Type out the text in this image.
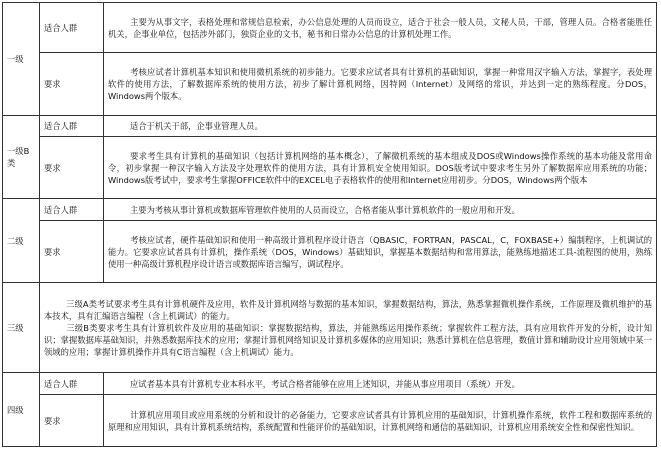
一级	适合人群	主要为从事文字，表格处理和常规信息检索，办公信息处理的人员而设立，适合于社会一般人员，文秘人员，干部，管理人员。合格者能胜任机关，企事业单位，包括涉外部门，独资企业的文书，秘书和日常办公信息的计算机处理工作。
	要求	考核应试者计算机基本知识和使用微机系统的初步能力。它要求应试者具有计算机的基础知识，掌握一种常用汉字输入方法，掌握字，表处理软件的使用方法，了解数据库系统的使用方法，初步了解计算机网络，因特网（Internet）及网络的常识，并达到一定的熟练程度。分DOS，Windows两个版本。
一级B类	适合人群	适合于机关干部，企事业管理人员。
	要求	要求考生具有计算机的基础知识（包括计算机网络的基本概念），了解微机系统的基本组成及DOS或Windows操作系统的基本功能及常用命令，初步掌握一种汉字输入方法及字处理软件的使用方法，具有计算机安全使用知识。DOS版考试中要求考生另外了解数据库应用系统的功能；Windows版考试中，要求考生掌握OFFICE软件中的EXCEL电子表格软件的使用和Internet应用初步。分DOS，Windows两个版本
二级	适合人群	主要为考核从事计算机或数据库管理软件使用的人员而设立，合格者能从事计算机软件的一般应用和开发。
	要求	考核应试者，硬件基础知识和使用一种高级计算机程序设计语言（QBASIC，FORTRAN，PASCAL，C，FOXBASE+）编制程序，上机调试的能力。它要求应试者具有计算机，操作系统（DOS，Windows）基础知识，掌握基本数据结构和常用算法，能熟练地描述工具-流程图的使用，熟练使用一种高级计算机程序设计语言或数据库语言编写，调试程序。
三级	三级A类考试要求考生具有计算机硬件及应用，软件及计算机网络与数据的基本知识，掌握数据结构，算法，熟悉掌握微机操作系统，工作原理及微机维护的基本技术，具有汇编语言编程（含上机调试）的能力。
三级B类要求考生具有计算机软件及应用的基础知识：掌握数据结构，算法，并能熟练运用操作系统；掌握软件工程方法，具有应用软件开发的分析，设计知识；掌握数据库基础知识，并熟悉数据库技术的应用；掌握计算机网络知识及计算机多媒体的应用知识；熟悉计算机在信息管理，数值计算和辅助设计应用领域中某一领域的应用；掌握计算机操作并具有C语言编程（含上机调试）能力。	

四级	适合人群	应试者基本具有计算机专业本科水平，考试合格者能够在应用上述知识，并能从事应用项目（系统）开发。
	要求	计算机应用项目或应用系统的分析和设计的必备能力，它要求应试者具有计算机应用的基础知识，计算机操作系统，软件工程和数据库系统的原理和应用知识，具有计算机系统结构，系统配置和性能评价的基础知识，计算机网络和通信的基础知识，计算机应用系统安全性和保密性知识。
